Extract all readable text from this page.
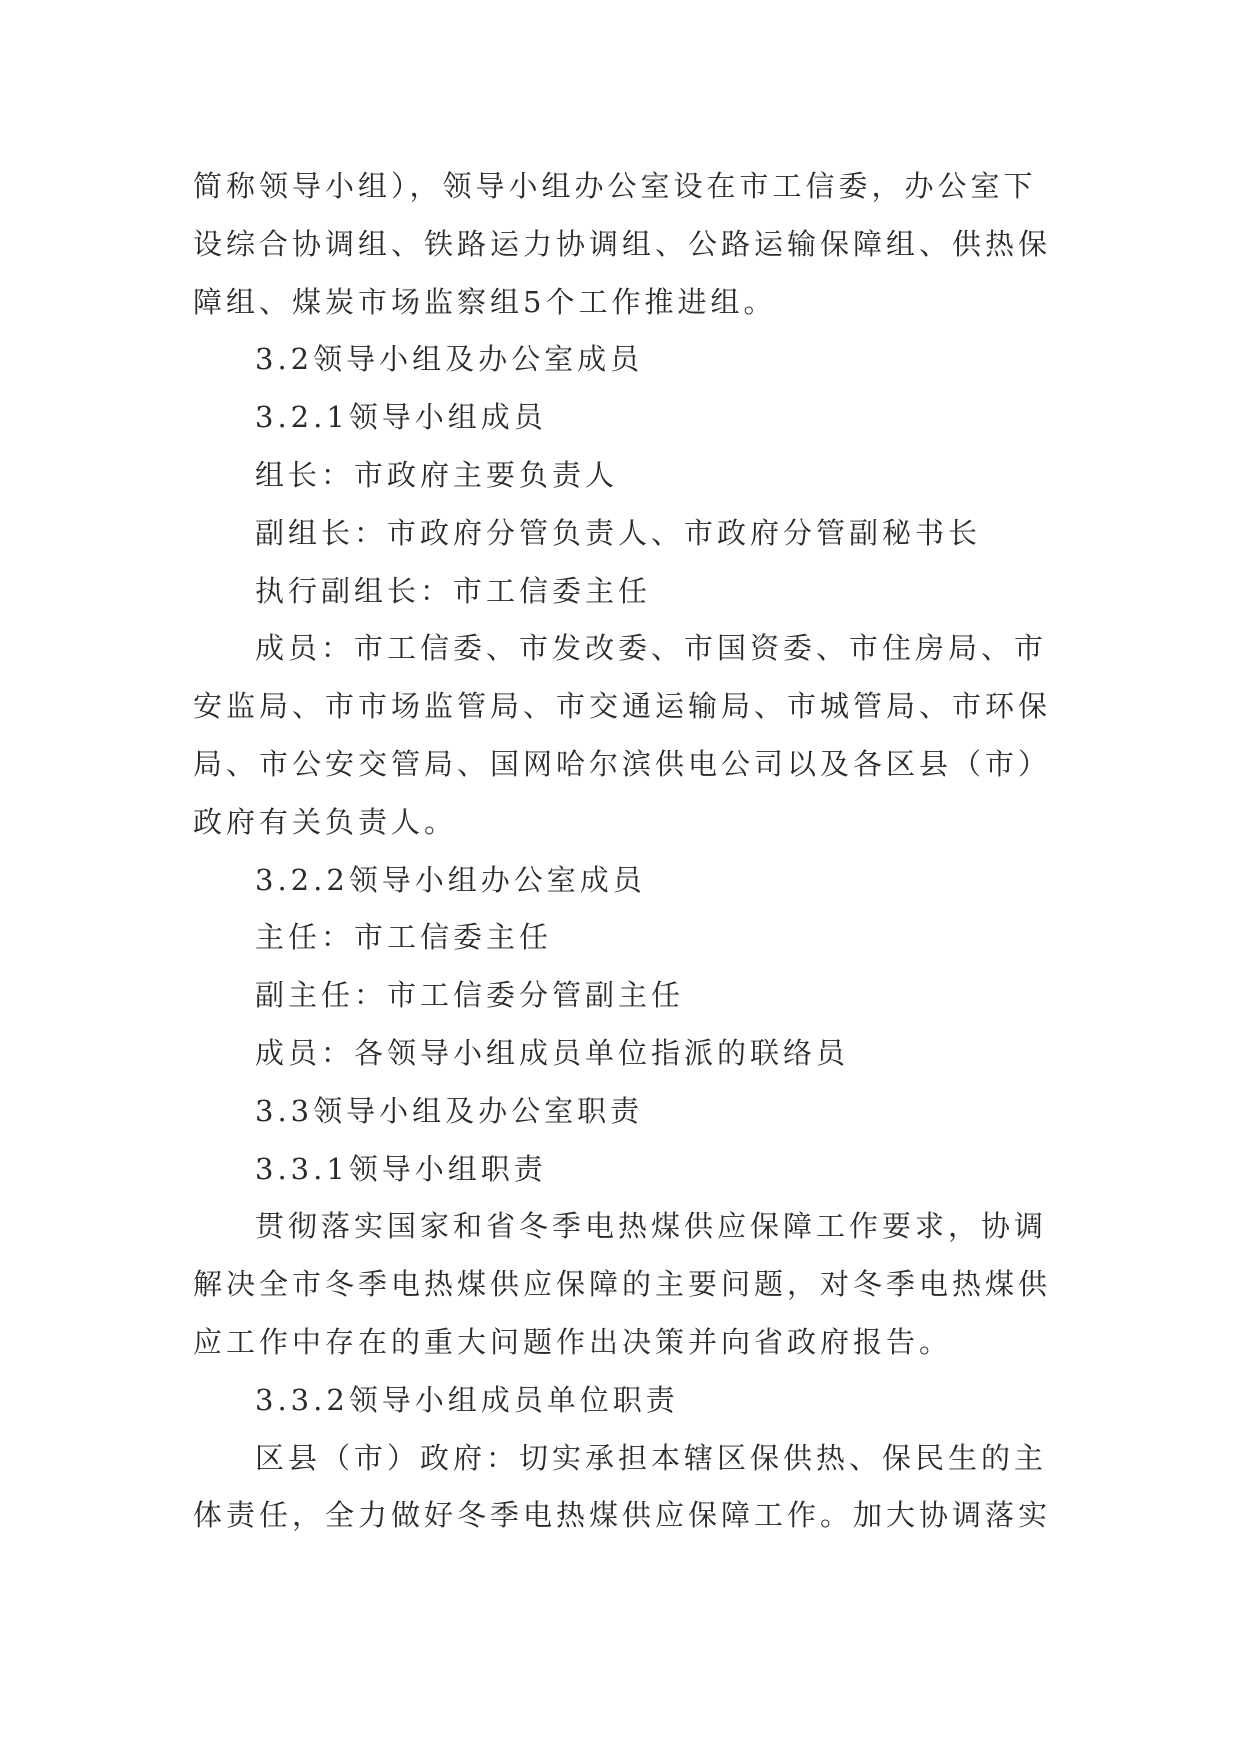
简称领导小组），领导小组办公室设在市工信委，办公室下
设综合协调组、铁路运力协调组、公路运输保障组、供热保
障组、煤炭市场监察组5个工作推进组。
3.2领导小组及办公室成员
3.2.1领导小组成员
组长：市政府主要负责人
副组长：市政府分管负责人、市政府分管副秘书长
执行副组长：市工信委主任
成员：市工信委、市发改委、市国资委、市住房局、市
安监局、市市场监管局、市交通运输局、市城管局、市环保
局、市公安交管局、国网哈尔滨供电公司以及各区县（市）
政府有关负责人。
3.2.2领导小组办公室成员
主任：市工信委主任
副主任：市工信委分管副主任
成员：各领导小组成员单位指派的联络员
3.3领导小组及办公室职责
3.3.1领导小组职责
贯彻落实国家和省冬季电热煤供应保障工作要求，协调
解决全市冬季电热煤供应保障的主要问题，对冬季电热煤供
应工作中存在的重大问题作出决策并向省政府报告。
3.3.2领导小组成员单位职责
区县（市）政府：切实承担本辖区保供热、保民生的主
体责任，全力做好冬季电热煤供应保障工作。加大协调落实
